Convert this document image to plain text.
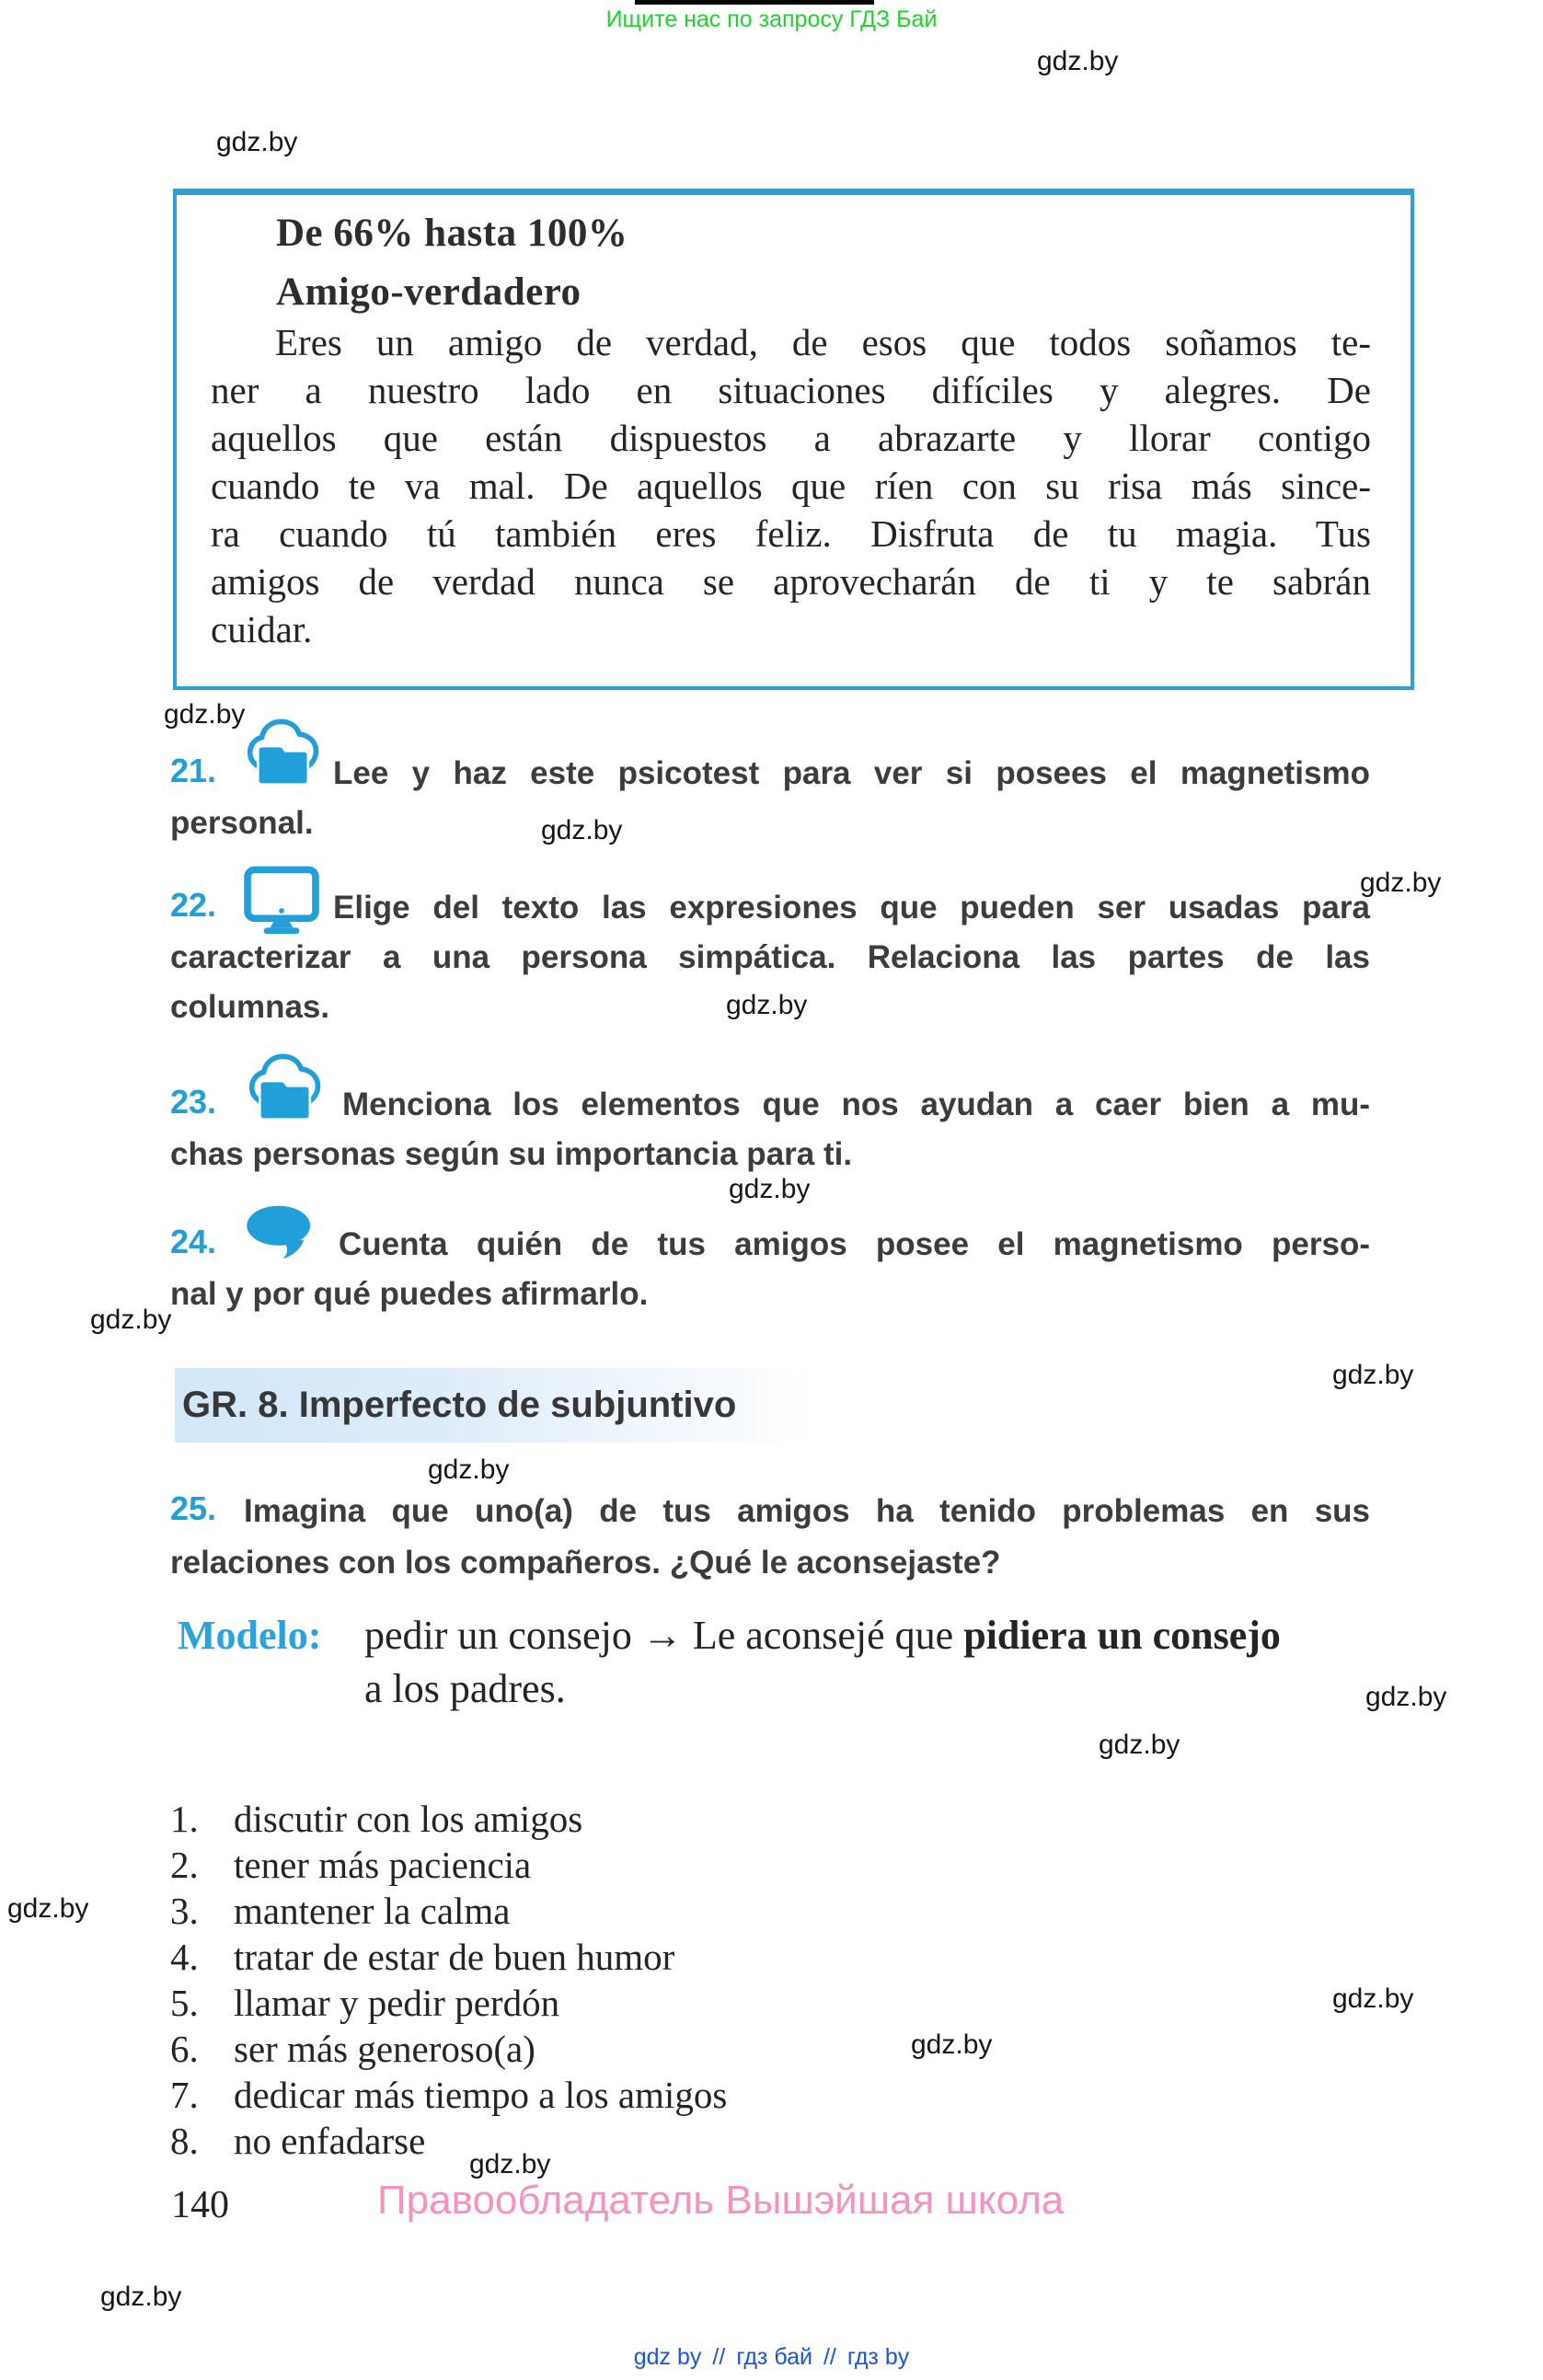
Ищите нас по запросу ГДЗ Бай
gdz.by
gdz.by
gdz.by
gdz.by
gdz.by
gdz.by
gdz.by
gdz.by
gdz.by
gdz.by
gdz.by
gdz.by
gdz.by
gdz.by
gdz.by
gdz.by
gdz.by
De 66% hasta 100%
Amigo-verdadero
Eres un amigo de verdad, de esos que todos soñamos te-
ner a nuestro lado en situaciones difíciles y alegres. De
aquellos que están dispuestos a abrazarte y llorar contigo
cuando te va mal. De aquellos que ríen con su risa más since-
ra cuando tú también eres feliz. Disfruta de tu magia. Tus
amigos de verdad nunca se aprovecharán de ti y te sabrán
cuidar.
21.	Lee y haz este psicotest para ver si posees el magnetismo
personal.
22.	Elige del texto las expresiones que pueden ser usadas para
caracterizar a una persona simpática. Relaciona las partes de las
columnas.
23.	Menciona los elementos que nos ayudan a caer bien a mu-
chas personas según su importancia para ti.
24.	Cuenta quién de tus amigos posee el magnetismo perso-
nal y por qué puedes afirmarlo.
GR. 8. Imperfecto de subjuntivo
25. Imagina que uno(a) de tus amigos ha tenido problemas en sus
relaciones con los compañeros. ¿Qué le aconsejaste?
Modelo: pedir un consejo → Le aconsejé que pidiera un consejo
a los padres.
1. discutir con los amigos
2. tener más paciencia
3. mantener la calma
4. tratar de estar de buen humor
5. llamar y pedir perdón
6. ser más generoso(a)
7. dedicar más tiempo a los amigos
8. no enfadarse
140	Правообладатель Вышэйшая школа
gdz by // гдз бай // гдз by
